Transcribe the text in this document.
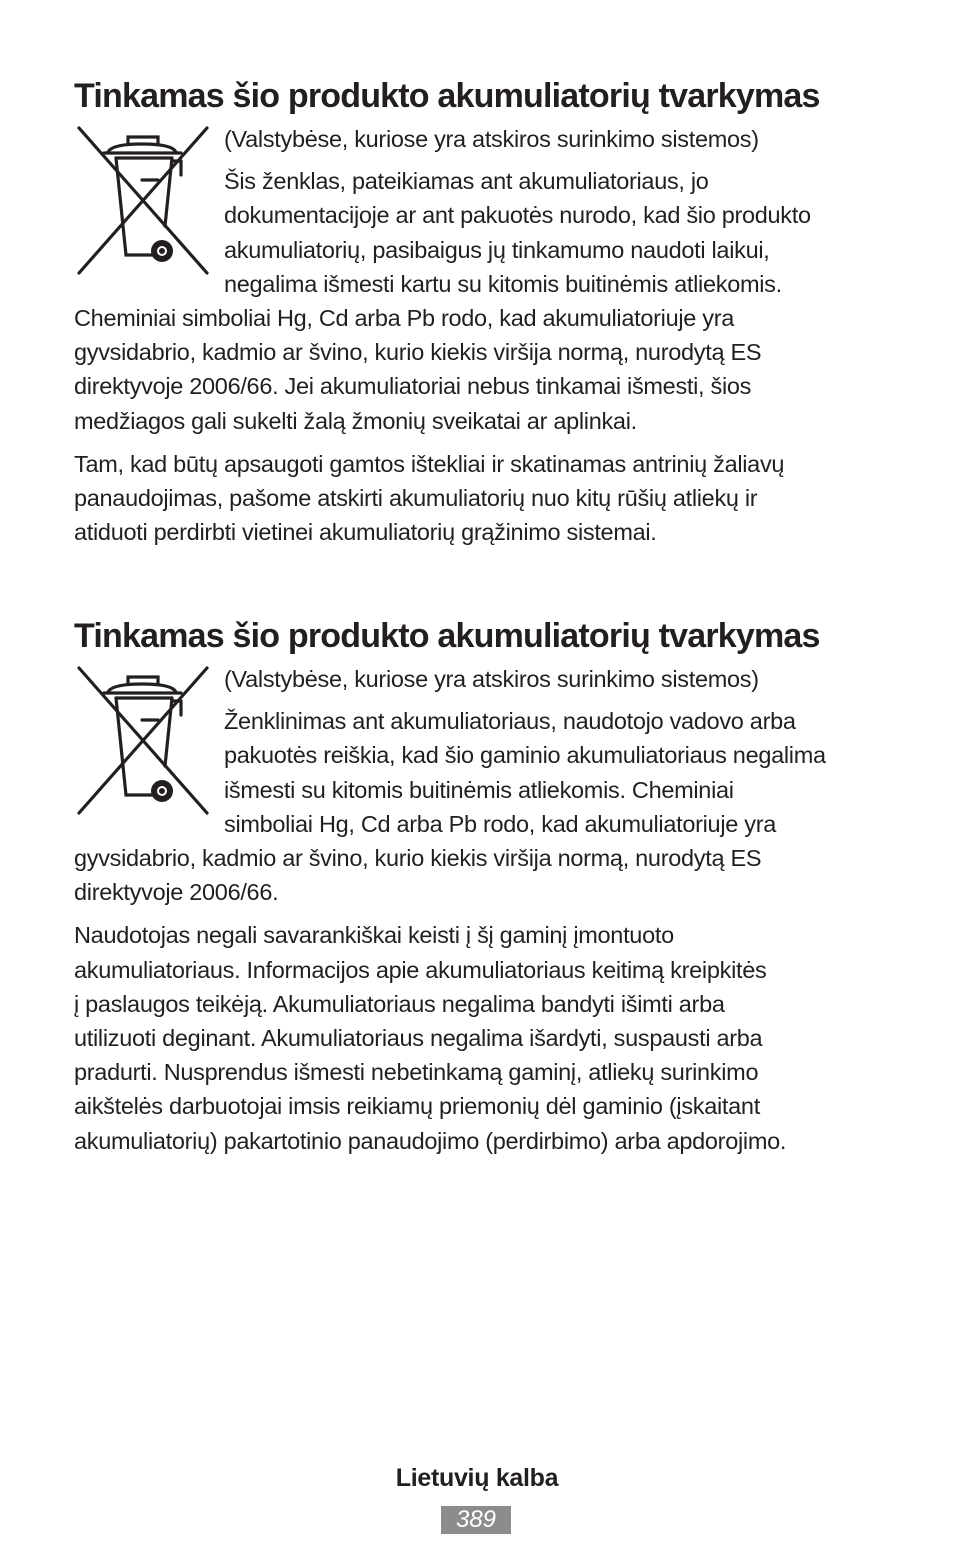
Tinkamas šio produkto akumuliatorių tvarkymas

(Valstybėse, kuriose yra atskiros surinkimo sistemos)

Šis ženklas, pateikiamas ant akumuliatoriaus, jo

dokumentacijoje ar ant pakuotės nurodo, kad šio produkto

akumuliatorių, pasibaigus jų tinkamumo naudoti laikui,

negalima išmesti kartu su kitomis buitinėmis atliekomis.

Cheminiai simboliai Hg, Cd arba Pb rodo, kad akumuliatoriuje yra

gyvsidabrio, kadmio ar švino, kurio kiekis viršija normą, nurodytą ES

direktyvoje 2006/66. Jei akumuliatoriai nebus tinkamai išmesti, šios

medžiagos gali sukelti žalą žmonių sveikatai ar aplinkai.

Tam, kad būtų apsaugoti gamtos ištekliai ir skatinamas antrinių žaliavų

panaudojimas, pašome atskirti akumuliatorių nuo kitų rūšių atliekų ir

atiduoti perdirbti vietinei akumuliatorių grąžinimo sistemai.

Tinkamas šio produkto akumuliatorių tvarkymas

(Valstybėse, kuriose yra atskiros surinkimo sistemos)

Ženklinimas ant akumuliatoriaus, naudotojo vadovo arba

pakuotės reiškia, kad šio gaminio akumuliatoriaus negalima

išmesti su kitomis buitinėmis atliekomis. Cheminiai

simboliai Hg, Cd arba Pb rodo, kad akumuliatoriuje yra

gyvsidabrio, kadmio ar švino, kurio kiekis viršija normą, nurodytą ES

direktyvoje 2006/66.

Naudotojas negali savarankiškai keisti į šį gaminį įmontuoto

akumuliatoriaus. Informacijos apie akumuliatoriaus keitimą kreipkitės

į paslaugos teikėją. Akumuliatoriaus negalima bandyti išimti arba

utilizuoti deginant. Akumuliatoriaus negalima išardyti, suspausti arba

pradurti. Nusprendus išmesti nebetinkamą gaminį, atliekų surinkimo

aikštelės darbuotojai imsis reikiamų priemonių dėl gaminio (įskaitant

akumuliatorių) pakartotinio panaudojimo (perdirbimo) arba apdorojimo.

Lietuvių kalba
389
